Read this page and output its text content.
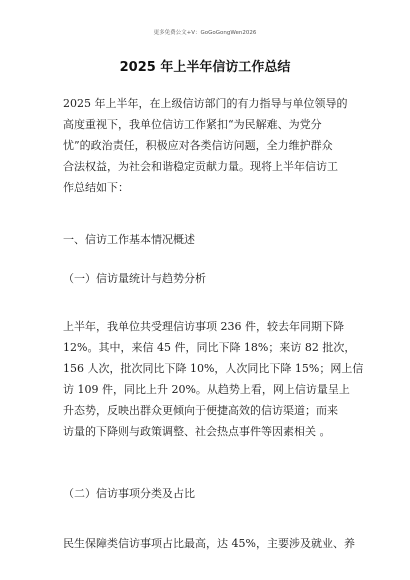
更多免费公文+V：GoGoGongWen2026
2025 年上半年信访工作总结
2025 年上半年，在上级信访部门的有力指导与单位领导的
高度重视下，我单位信访工作紧扣“为民解难、为党分
忧”的政治责任，积极应对各类信访问题，全力维护群众
合法权益，为社会和谐稳定贡献力量。现将上半年信访工
作总结如下：
一、信访工作基本情况概述
（一）信访量统计与趋势分析
上半年，我单位共受理信访事项 236 件，较去年同期下降
12%。其中，来信 45 件，同比下降 18%；来访 82 批次，
156 人次，批次同比下降 10%，人次同比下降 15%；网上信
访 109 件，同比上升 20%。从趋势上看，网上信访量呈上
升态势，反映出群众更倾向于便捷高效的信访渠道；而来
访量的下降则与政策调整、社会热点事件等因素相关 。
（二）信访事项分类及占比
民生保障类信访事项占比最高，达 45%，主要涉及就业、养
